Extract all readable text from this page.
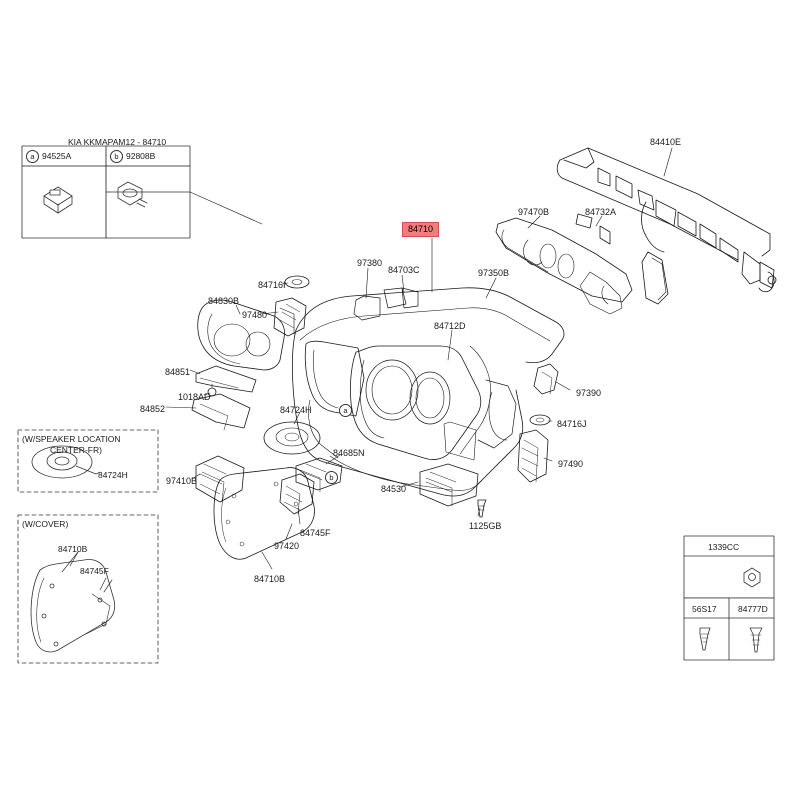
KIA KKMAPAM12 - 84710
a 94525A	b 92808B
(W/SPEAKER LOCATION
CENTER-FR)
84724H
(W/COVER)
84710B
84745F
1339CC
56S17	84777D
84410E
97470B	84732A
84710
97380
84703C	97350B
84716I
84830B
97480
84712D
84851
97390
1018AD
84852	84724H
84716J
84685N
97490
97410B
84530
1125GB
84745F
97420
84710B
a
b
